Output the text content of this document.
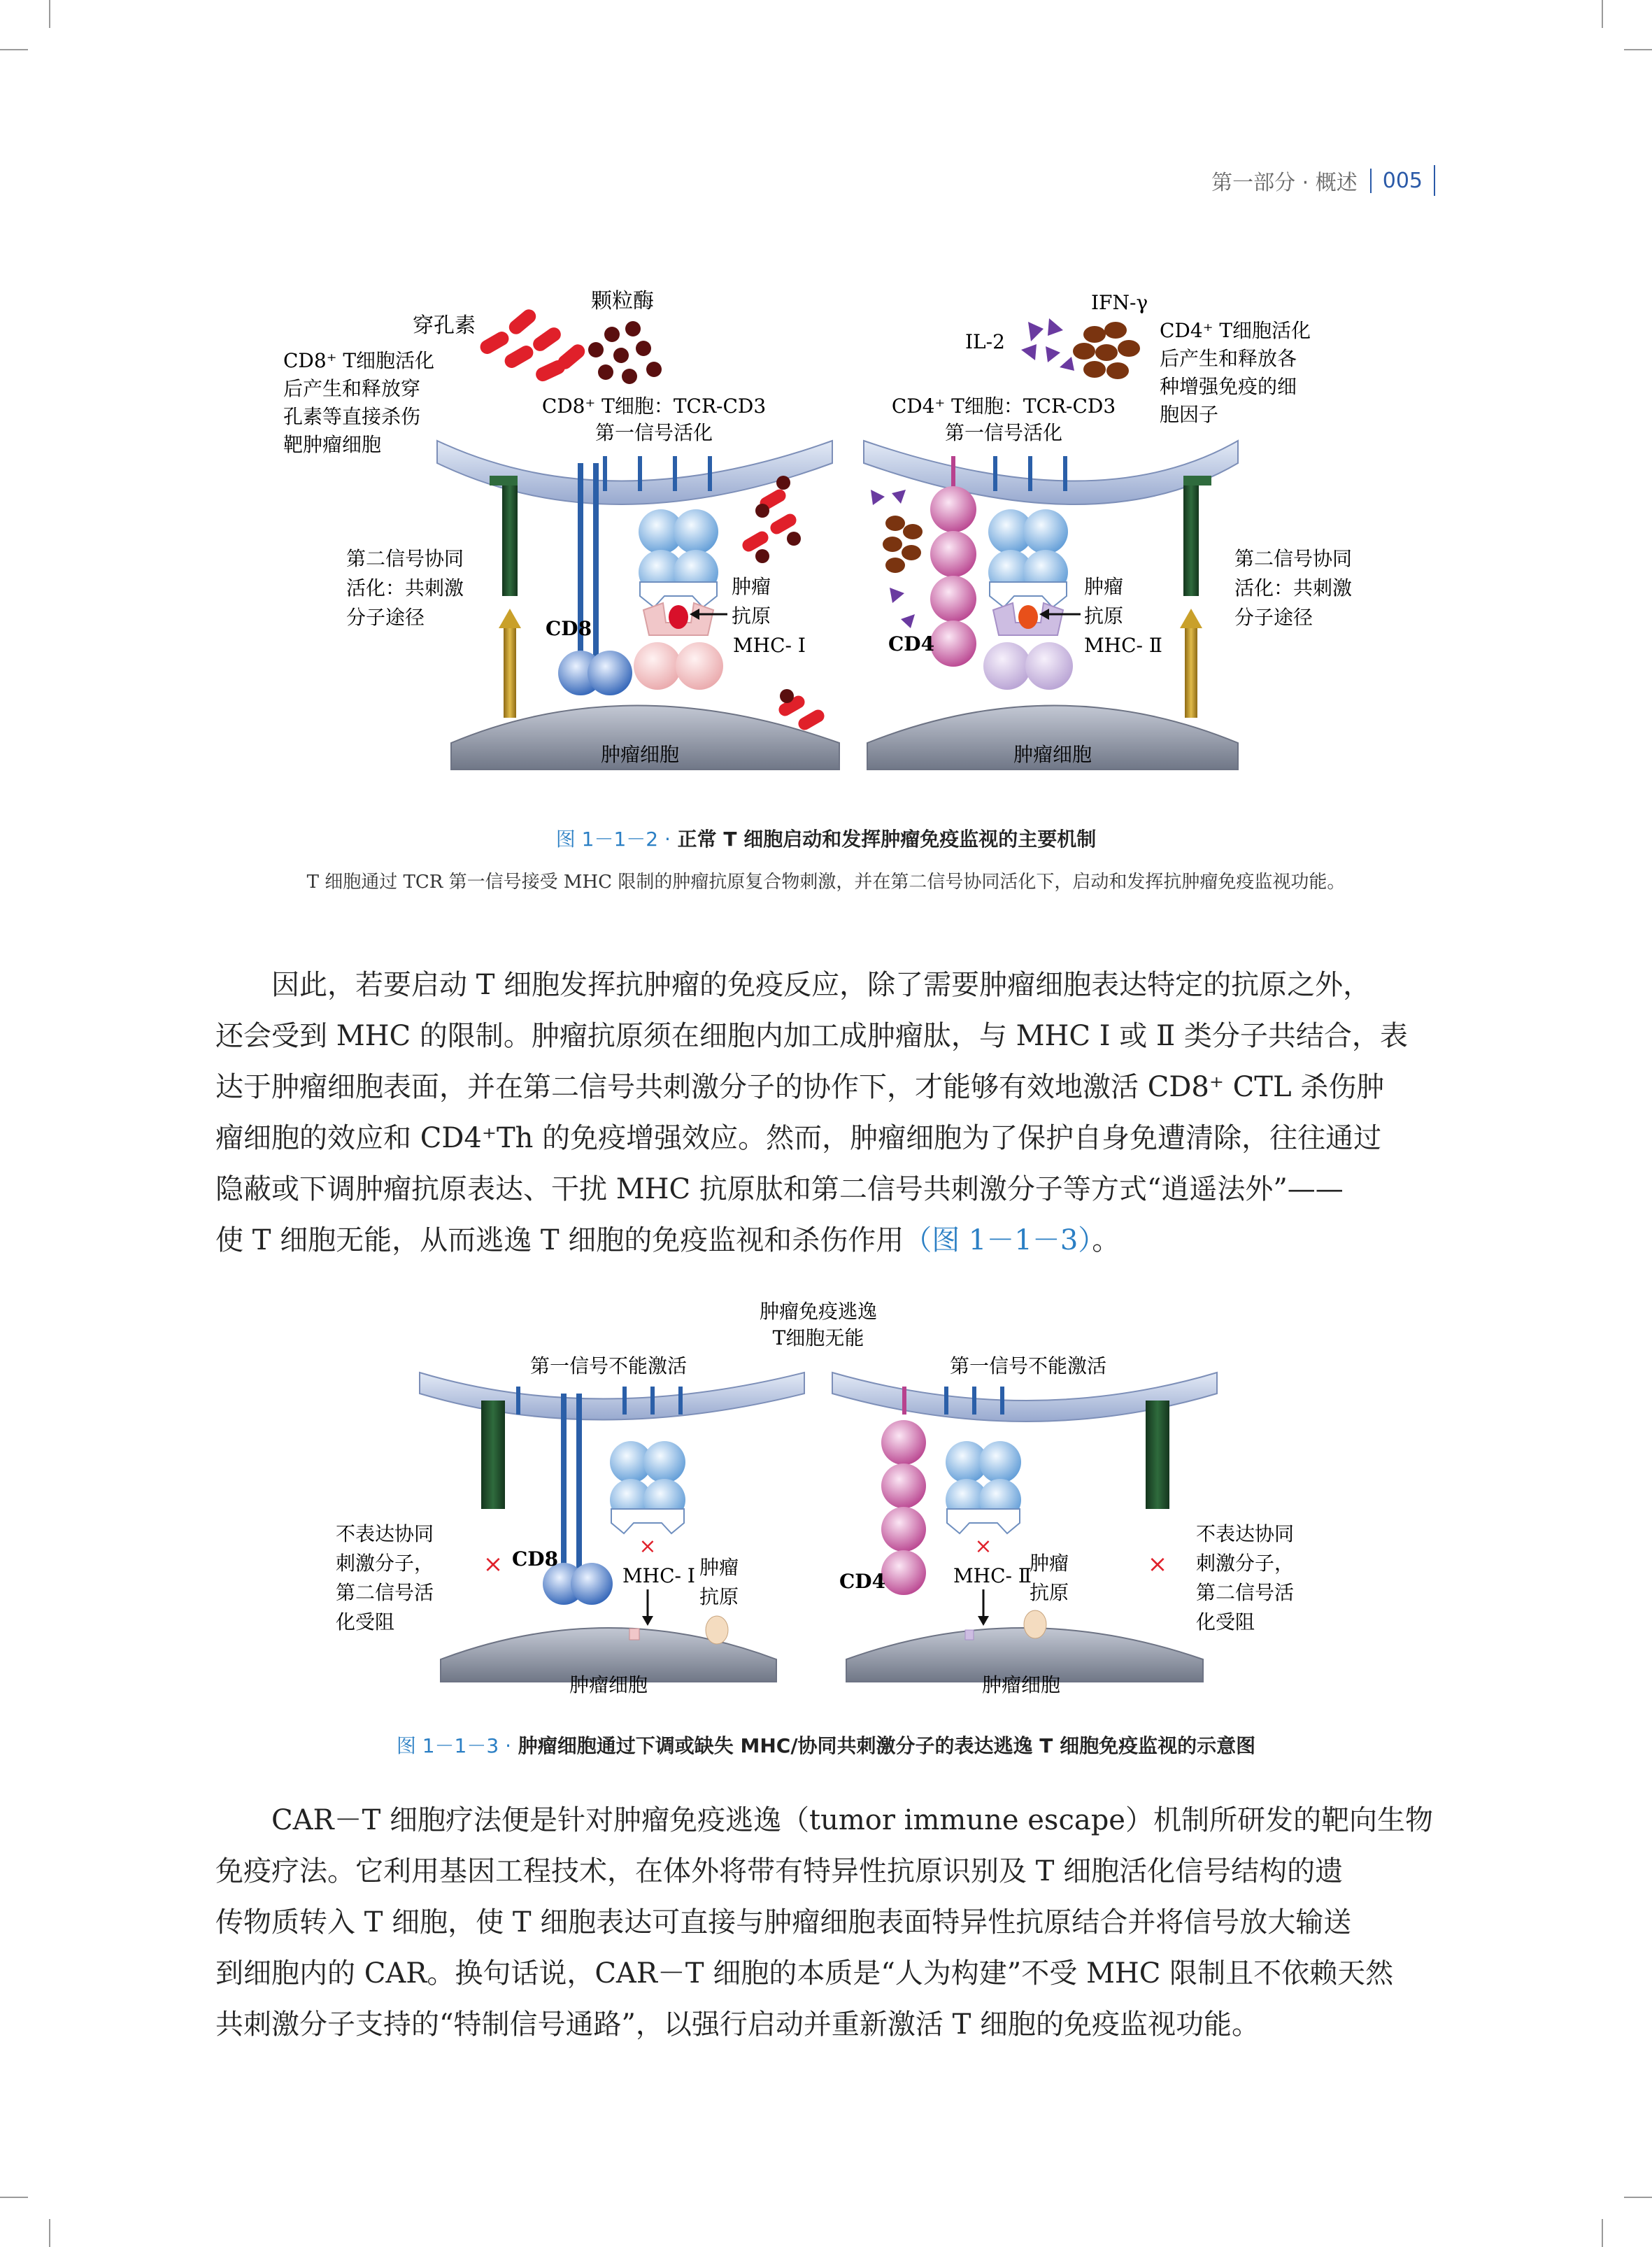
第一部分 · 概述	005
肿瘤细胞
CD8
肿瘤
抗原
MHC- Ⅰ
穿孔素
颗粒酶
CD8⁺ T细胞活化
后产生和释放穿
孔素等直接杀伤
靶肿瘤细胞
CD8⁺ T细胞：TCR-CD3
第一信号活化
第二信号协同
活化：共刺激
分子途径
肿瘤细胞
CD4
肿瘤
抗原
MHC- Ⅱ
IFN-γ
IL-2	CD4⁺ T细胞活化
后产生和释放各
种增强免疫的细
胞因子
CD4⁺ T细胞：TCR-CD3
第一信号活化
第二信号协同
活化：共刺激
分子途径
图 1－1－2 · 正常 T 细胞启动和发挥肿瘤免疫监视的主要机制
T 细胞通过 TCR 第一信号接受 MHC 限制的肿瘤抗原复合物刺激，并在第二信号协同活化下，启动和发挥抗肿瘤免疫监视功能。

因此，若要启动 T 细胞发挥抗肿瘤的免疫反应，除了需要肿瘤细胞表达特定的抗原之外，

还会受到 MHC 的限制。肿瘤抗原须在细胞内加工成肿瘤肽，与 MHC Ⅰ 或 Ⅱ 类分子共结合，表

达于肿瘤细胞表面，并在第二信号共刺激分子的协作下，才能够有效地激活 CD8⁺ CTL 杀伤肿

瘤细胞的效应和 CD4⁺Th 的免疫增强效应。然而，肿瘤细胞为了保护自身免遭清除，往往通过

隐蔽或下调肿瘤抗原表达、干扰 MHC 抗原肽和第二信号共刺激分子等方式“逍遥法外”——

使 T 细胞无能，从而逃逸 T 细胞的免疫监视和杀伤作用（图 1－1－3）。

肿瘤细胞	肿瘤细胞
肿瘤免疫逃逸
T细胞无能
第一信号不能激活	第一信号不能激活
×	×
CD8
×
MHC- Ⅰ 肿瘤
抗原
不表达协同
刺激分子，
第二信号活
化受阻
CD4
×
MHC- Ⅱ
肿瘤
抗原
不表达协同
刺激分子，
第二信号活
化受阻
图 1－1－3 · 肿瘤细胞通过下调或缺失 MHC/协同共刺激分子的表达逃逸 T 细胞免疫监视的示意图

CAR－T 细胞疗法便是针对肿瘤免疫逃逸（tumor immune escape）机制所研发的靶向生物

免疫疗法。它利用基因工程技术，在体外将带有特异性抗原识别及 T 细胞活化信号结构的遗

传物质转入 T 细胞，使 T 细胞表达可直接与肿瘤细胞表面特异性抗原结合并将信号放大输送

到细胞内的 CAR。换句话说，CAR－T 细胞的本质是“人为构建”不受 MHC 限制且不依赖天然

共刺激分子支持的“特制信号通路”，以强行启动并重新激活 T 细胞的免疫监视功能。
